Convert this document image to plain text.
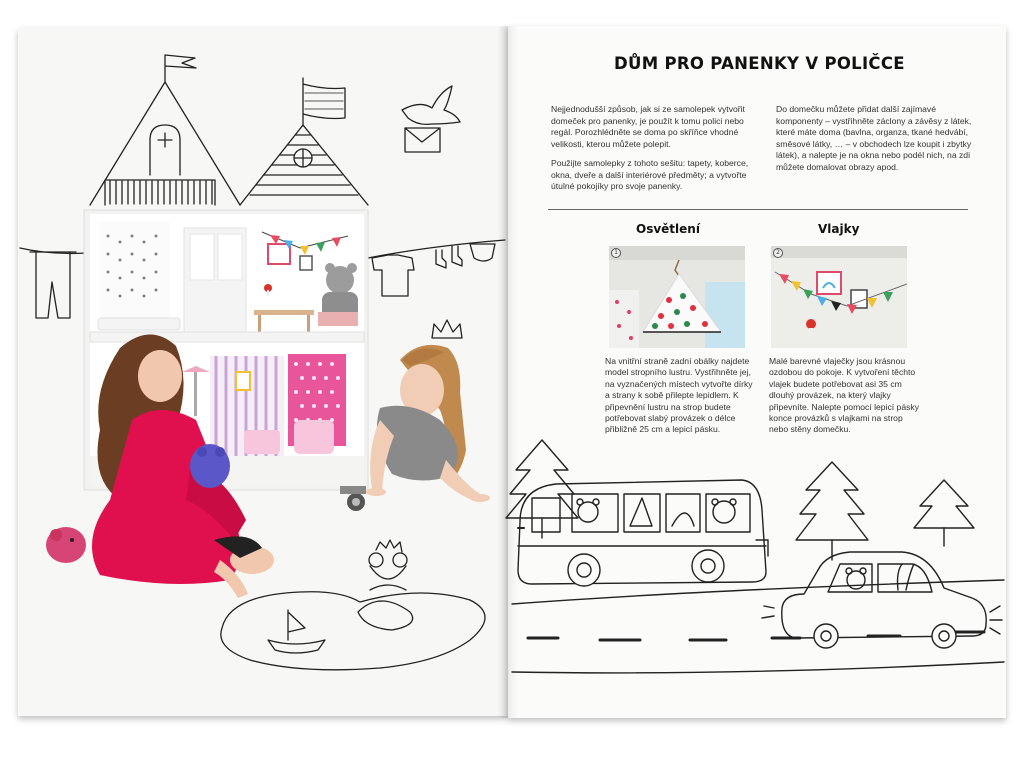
DŮM PRO PANENKY V POLIČCE

Nejjednodušší způsob, jak si ze samolepek vytvořit domeček pro panenky, je použít k tomu polici nebo regál. Porozhlédněte se doma po skříňce vhodné velikosti, kterou můžete polepit.

Použijte samolepky z tohoto sešitu: tapety, koberce, okna, dveře a další interiérové předměty; a vytvořte útulné pokojíky pro svoje panenky.

Do domečku můžete přidat další zajímavé komponenty – vystřihněte záclony a závěsy z látek, které máte doma (bavlna, organza, tkané hedvábí, směsové látky, … – v obchodech lze koupit i zbytky látek), a nalepte je na okna nebo podél nich, na zdi můžete domalovat obrazy apod.

Osvětlení	Vlajky
1	2

Na vnitřní straně zadní obálky najdete model stropního lustru. Vystřihněte jej, na vyznačených místech vytvořte dírky a strany k sobě přilepte lepidlem. K připevnění lustru na strop budete potřebovat slabý provázek o délce přibližně 25 cm a lepicí pásku.

Malé barevné vlaječky jsou krásnou ozdobou do pokoje. K vytvoření těchto vlajek budete potřebovat asi 35 cm dlouhý provázek, na který vlajky připevníte. Nalepte pomocí lepicí pásky konce provázků s vlajkami na strop nebo stěny domečku.
